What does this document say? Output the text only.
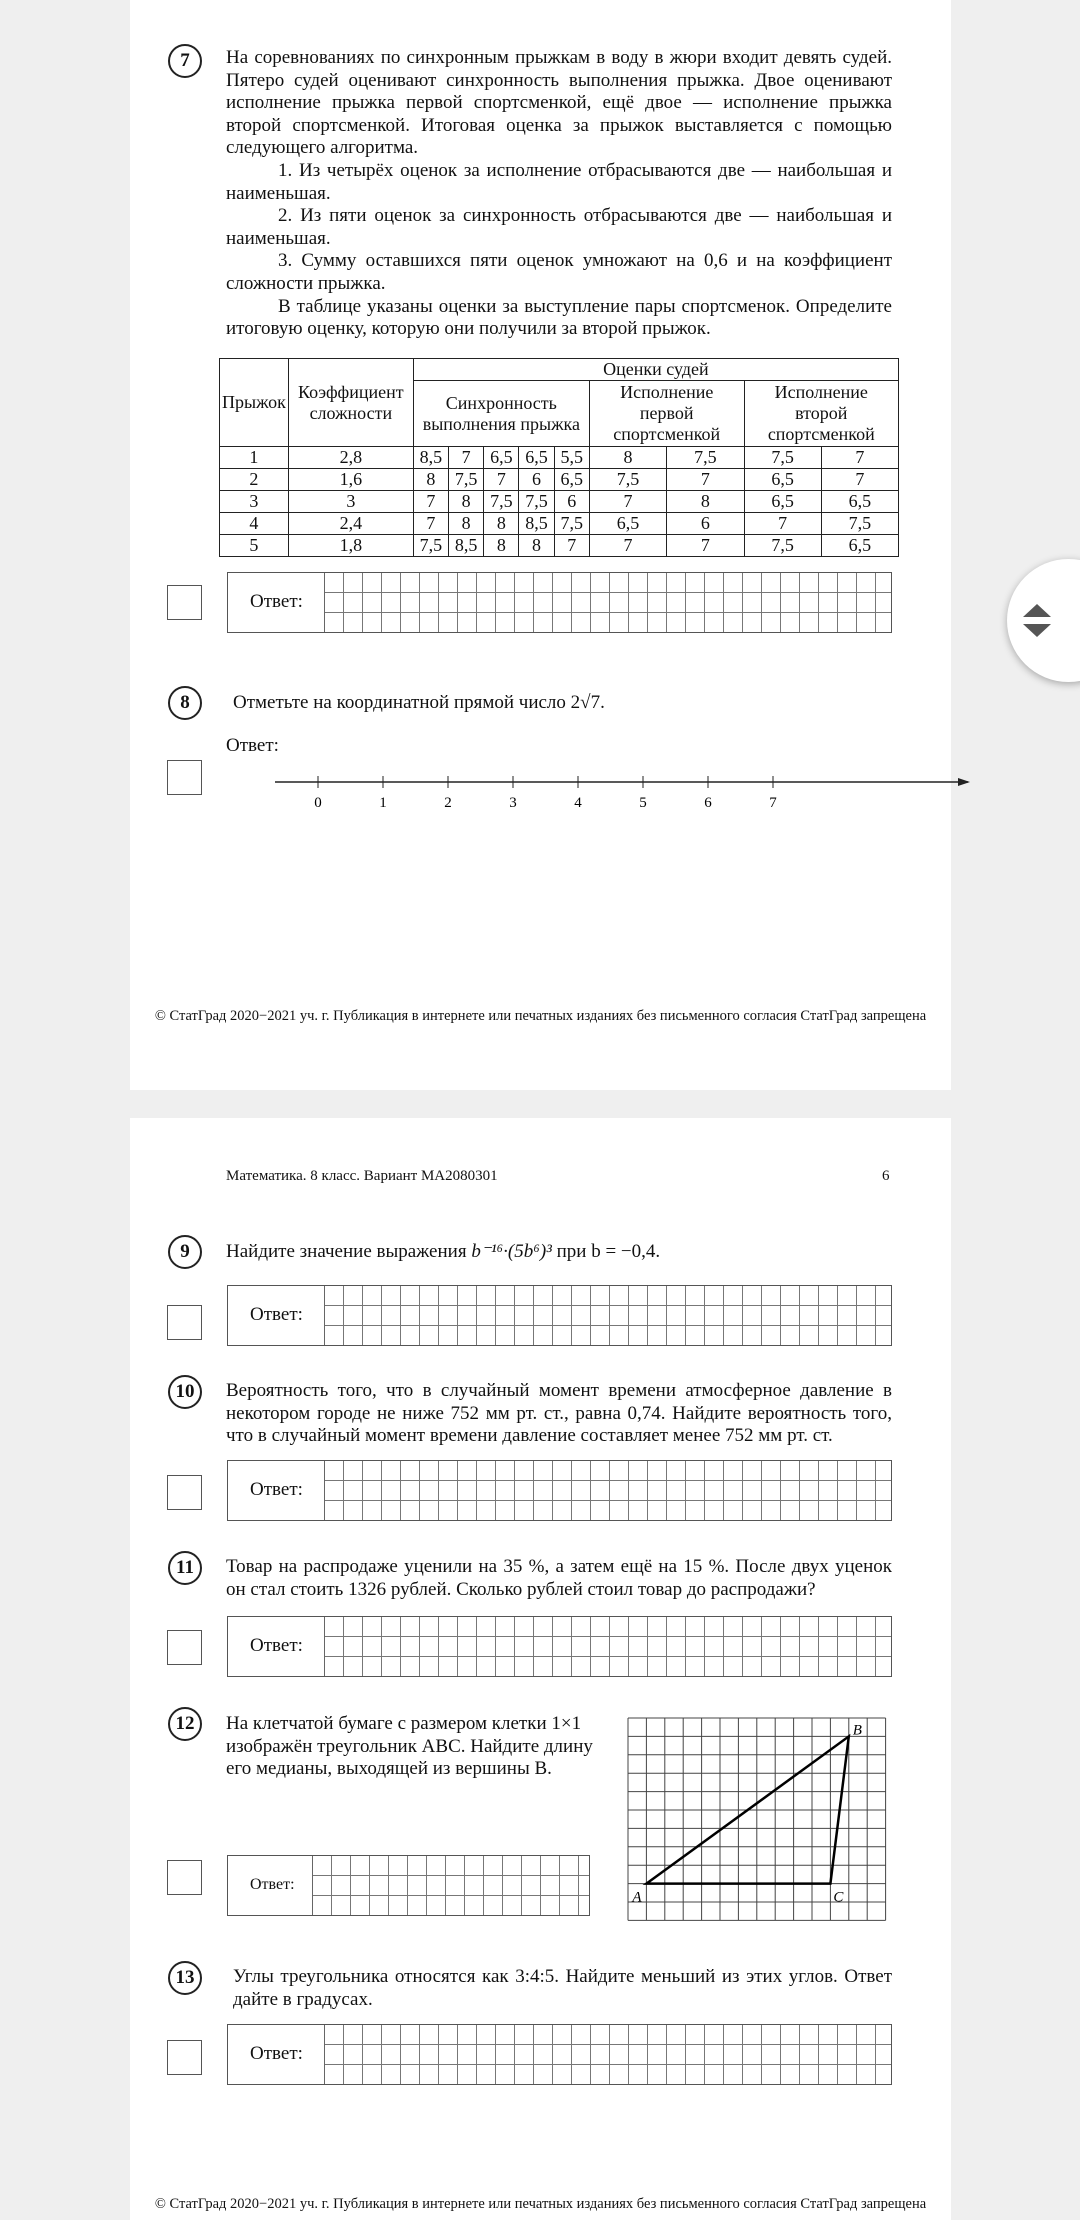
7	На соревнованиях по синхронным прыжкам в воду в жюри входит девять судей. Пятеро судей оценивают синхронность выполнения прыжка. Двое оценивают исполнение прыжка первой спортсменкой, ещё двое — исполнение прыжка второй спортсменкой. Итоговая оценка за прыжок выставляется с помощью следующего алгоритма.

1. Из четырёх оценок за исполнение отбрасываются две — наибольшая и наименьшая.

2. Из пяти оценок за синхронность отбрасываются две — наибольшая и наименьшая.

3. Сумму оставшихся пяти оценок умножают на 0,6 и на коэффициент сложности прыжка.

В таблице указаны оценки за выступление пары спортсменок. Определите итоговую оценку, которую они получили за второй прыжок.

Прыжок	Коэффициент сложности	Оценки судей								
		Синхронность выполнения прыжка					Исполнение первой спортсменкой		Исполнение второй спортсменкой	
1	2,8	8,5	7	6,5	6,5	5,5	8	7,5	7,5	7
2	1,6	8	7,5	7	6	6,5	7,5	7	6,5	7
3	3	7	8	7,5	7,5	6	7	8	6,5	6,5
4	2,4	7	8	8	8,5	7,5	6,5	6	7	7,5
5	1,8	7,5	8,5	8	8	7	7	7	7,5	6,5
Ответ:
8	Отметьте на координатной прямой число 2√7.
Ответ:
0	1	2	3	4	5	6	7
© СтатГрад 2020−2021 уч. г. Публикация в интернете или печатных изданиях без письменного согласия СтатГрад запрещена
Математика. 8 класс. Вариант МА2080301	6
9	Найдите значение выражения b⁻¹⁶·(5b⁶)³ при b = −0,4.
Ответ:
10	Вероятность того, что в случайный момент времени атмосферное давление в некотором городе не ниже 752 мм рт. ст., равна 0,74. Найдите вероятность того, что в случайный момент времени давление составляет менее 752 мм рт. ст.
Ответ:
11	Товар на распродаже уценили на 35 %, а затем ещё на 15 %. После двух уценок он стал стоить 1326 рублей. Сколько рублей стоил товар до распродажи?
Ответ:
12	На клетчатой бумаге с размером клетки 1×1 изображён треугольник ABC. Найдите длину его медианы, выходящей из вершины B.
A
B
C
Ответ:
13	Углы треугольника относятся как 3:4:5. Найдите меньший из этих углов. Ответ дайте в градусах.
Ответ:
© СтатГрад 2020−2021 уч. г. Публикация в интернете или печатных изданиях без письменного согласия СтатГрад запрещена
